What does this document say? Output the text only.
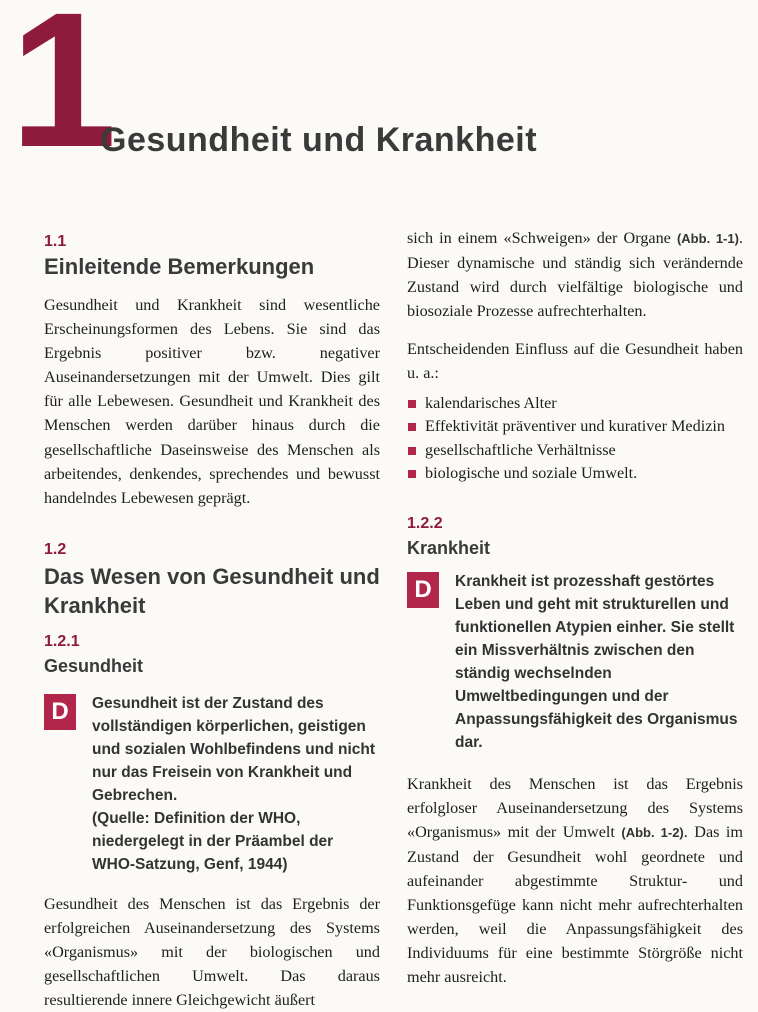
1
Gesundheit und Krankheit
1.1
Einleitende Bemerkungen

Gesundheit und Krankheit sind wesentliche Erscheinungsformen des Lebens. Sie sind das Ergebnis positiver bzw. negativer Auseinandersetzungen mit der Umwelt. Dies gilt für alle Lebewesen. Gesundheit und Krankheit des Menschen werden darüber hinaus durch die gesellschaftliche Daseinsweise des Menschen als arbeitendes, denkendes, sprechendes und bewusst handelndes Lebewesen geprägt.

1.2
Das Wesen von Gesundheit und Krankheit
1.2.1
Gesundheit
D	Gesundheit ist der Zustand des vollständigen körperlichen, geistigen und sozialen Wohlbefindens und nicht nur das Freisein von Krankheit und Gebrechen.
(Quelle: Definition der WHO, niedergelegt in der Präambel der WHO-Satzung, Genf, 1944)

Gesundheit des Menschen ist das Ergebnis der erfolgreichen Auseinandersetzung des Systems «Organismus» mit der biologischen und gesellschaftlichen Umwelt. Das daraus resultierende innere Gleichgewicht äußert

sich in einem «Schweigen» der Organe (Abb. 1-1). Dieser dynamische und ständig sich verändernde Zustand wird durch vielfältige biologische und biosoziale Prozesse aufrechterhalten.

Entscheidenden Einfluss auf die Gesundheit haben u. a.:

kalendarisches Alter
Effektivität präventiver und kurativer Medizin
gesellschaftliche Verhältnisse
biologische und soziale Umwelt.
1.2.2
Krankheit
D	Krankheit ist prozesshaft gestörtes Leben und geht mit strukturellen und funktionellen Atypien einher. Sie stellt ein Missverhältnis zwischen den ständig wechselnden Umweltbedingungen und der Anpassungsfähigkeit des Organismus dar.

Krankheit des Menschen ist das Ergebnis erfolgloser Auseinandersetzung des Systems «Organismus» mit der Umwelt (Abb. 1-2). Das im Zustand der Gesundheit wohl geordnete und aufeinander abgestimmte Struktur- und Funktionsgefüge kann nicht mehr aufrechterhalten werden, weil die Anpassungsfähigkeit des Individuums für eine bestimmte Störgröße nicht mehr ausreicht.
